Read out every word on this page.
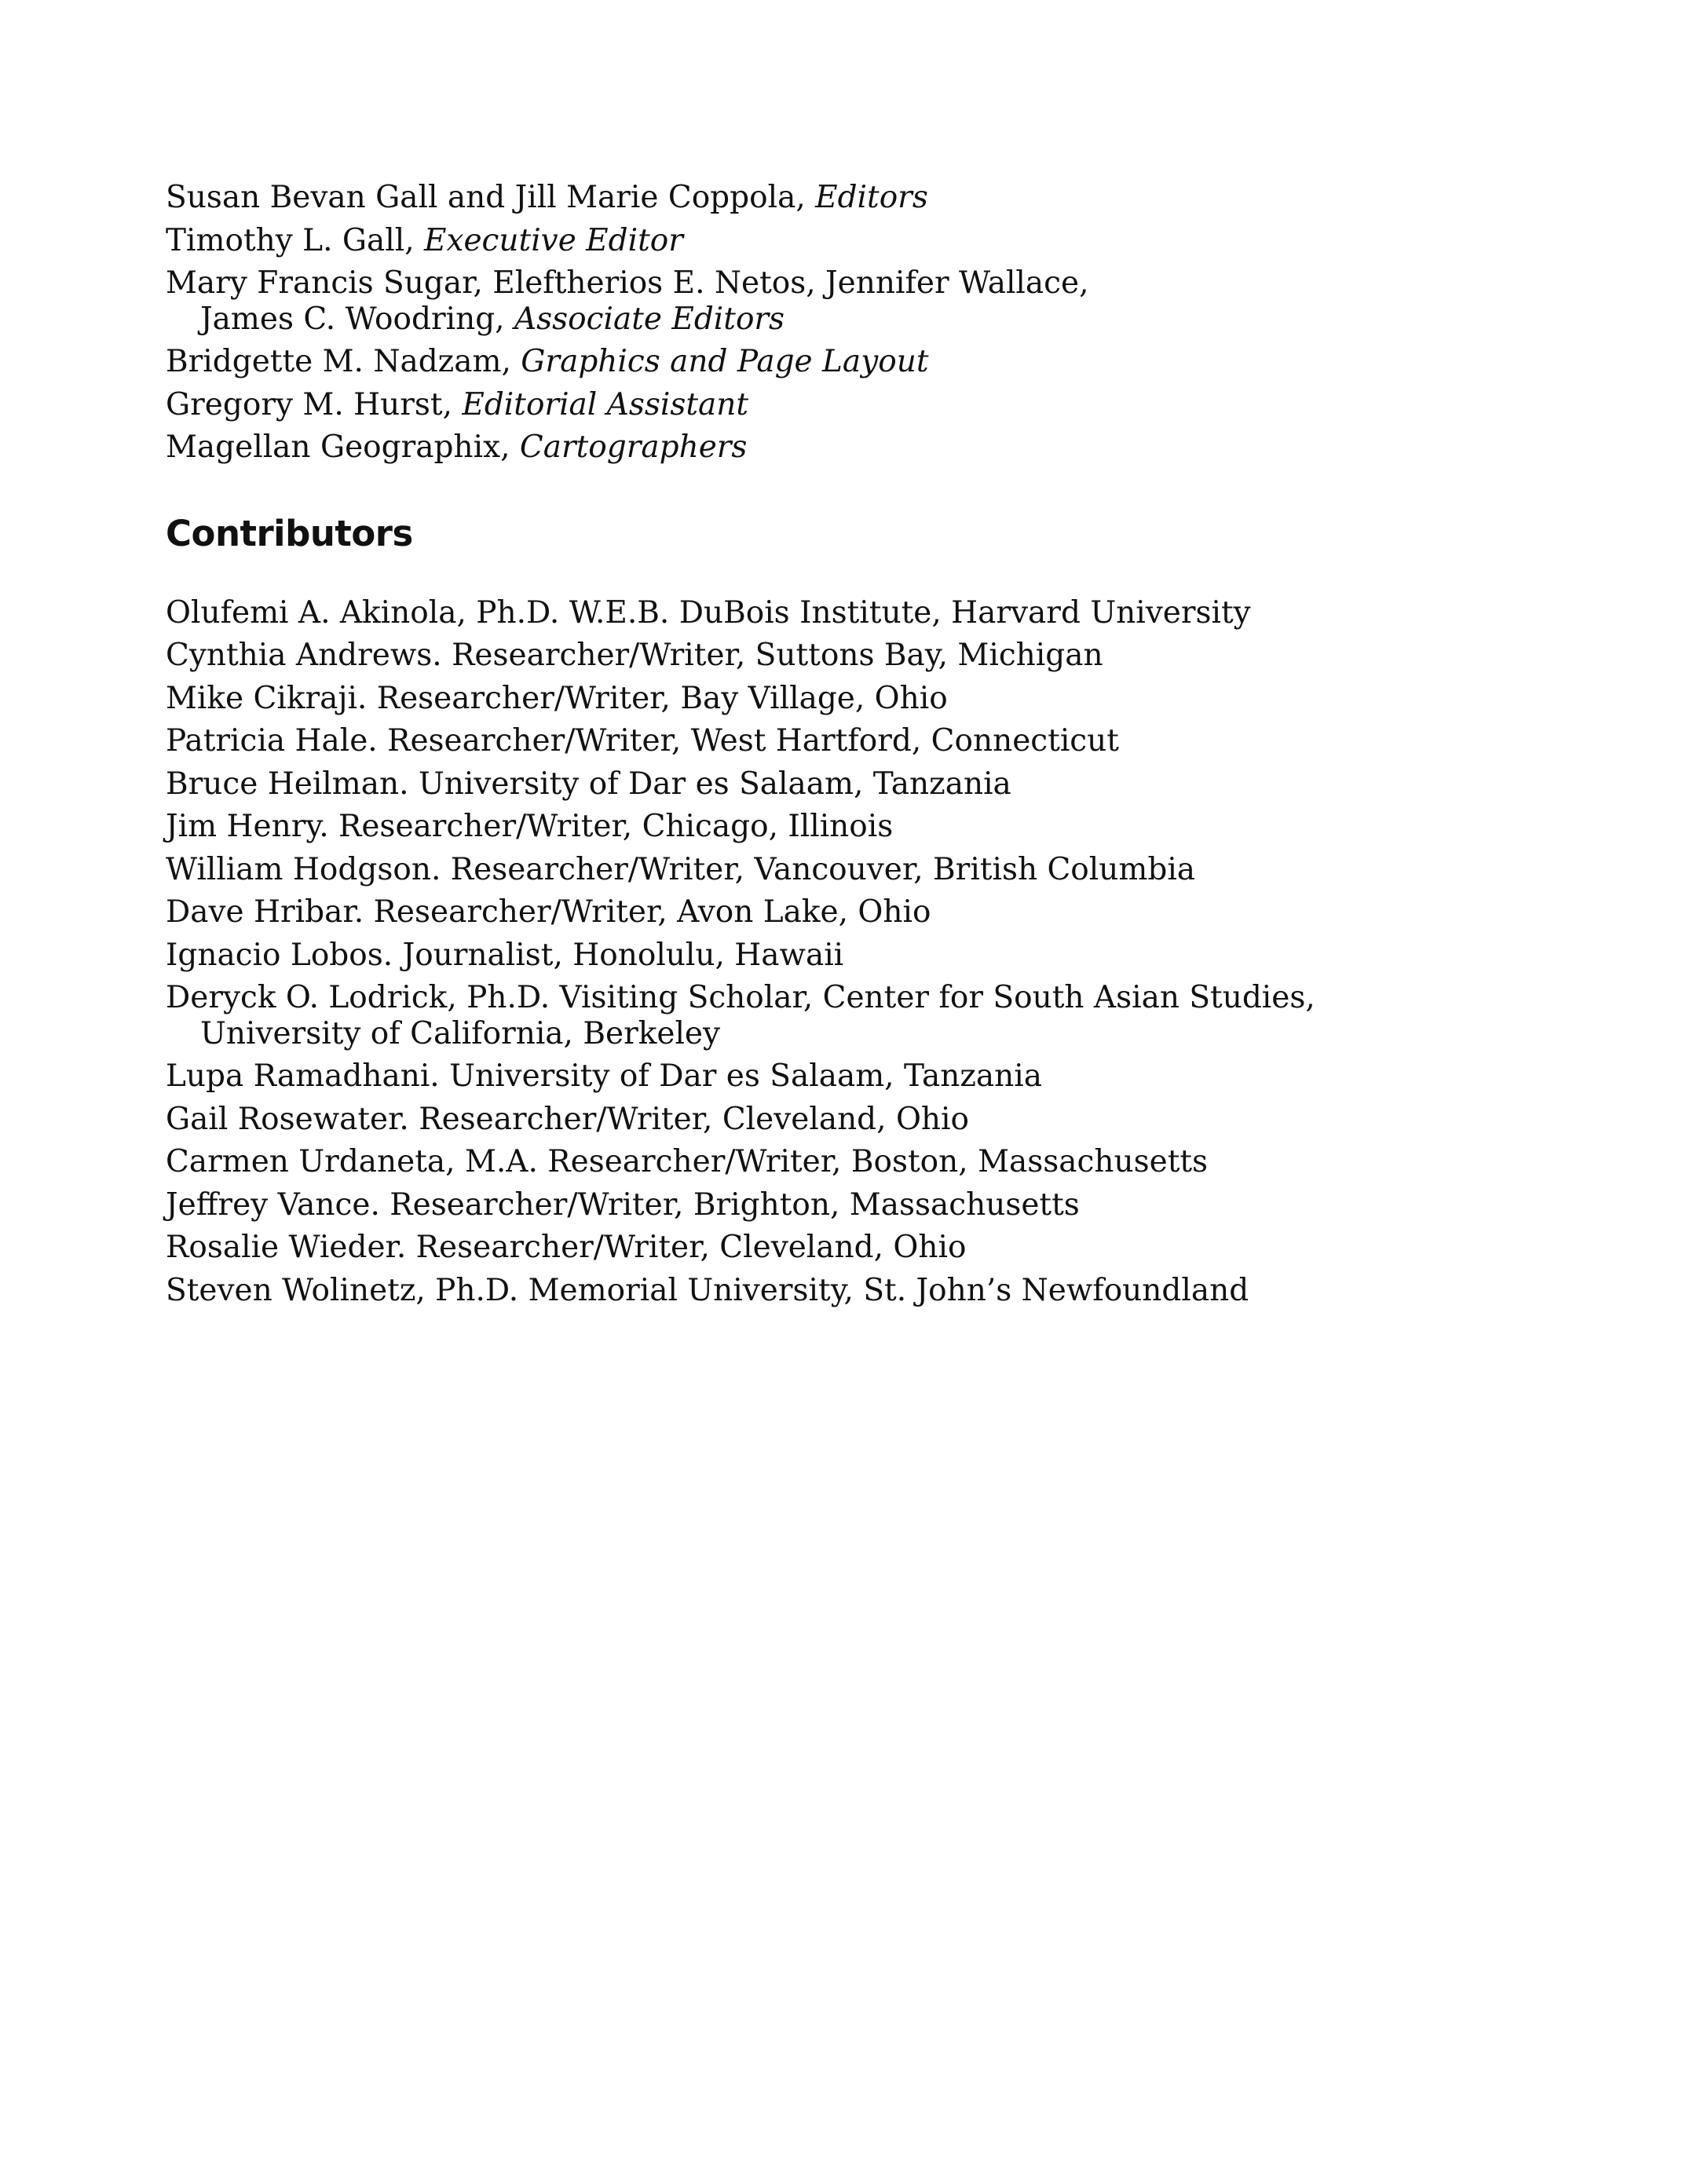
Susan Bevan Gall and Jill Marie Coppola, Editors
Timothy L. Gall, Executive Editor
Mary Francis Sugar, Eleftherios E. Netos, Jennifer Wallace,
James C. Woodring, Associate Editors
Bridgette M. Nadzam, Graphics and Page Layout
Gregory M. Hurst, Editorial Assistant
Magellan Geographix, Cartographers
Contributors
Olufemi A. Akinola, Ph.D. W.E.B. DuBois Institute, Harvard University
Cynthia Andrews. Researcher/Writer, Suttons Bay, Michigan
Mike Cikraji. Researcher/Writer, Bay Village, Ohio
Patricia Hale. Researcher/Writer, West Hartford, Connecticut
Bruce Heilman. University of Dar es Salaam, Tanzania
Jim Henry. Researcher/Writer, Chicago, Illinois
William Hodgson. Researcher/Writer, Vancouver, British Columbia
Dave Hribar. Researcher/Writer, Avon Lake, Ohio
Ignacio Lobos. Journalist, Honolulu, Hawaii
Deryck O. Lodrick, Ph.D. Visiting Scholar, Center for South Asian Studies,
University of California, Berkeley
Lupa Ramadhani. University of Dar es Salaam, Tanzania
Gail Rosewater. Researcher/Writer, Cleveland, Ohio
Carmen Urdaneta, M.A. Researcher/Writer, Boston, Massachusetts
Jeffrey Vance. Researcher/Writer, Brighton, Massachusetts
Rosalie Wieder. Researcher/Writer, Cleveland, Ohio
Steven Wolinetz, Ph.D. Memorial University, St. John’s Newfoundland
